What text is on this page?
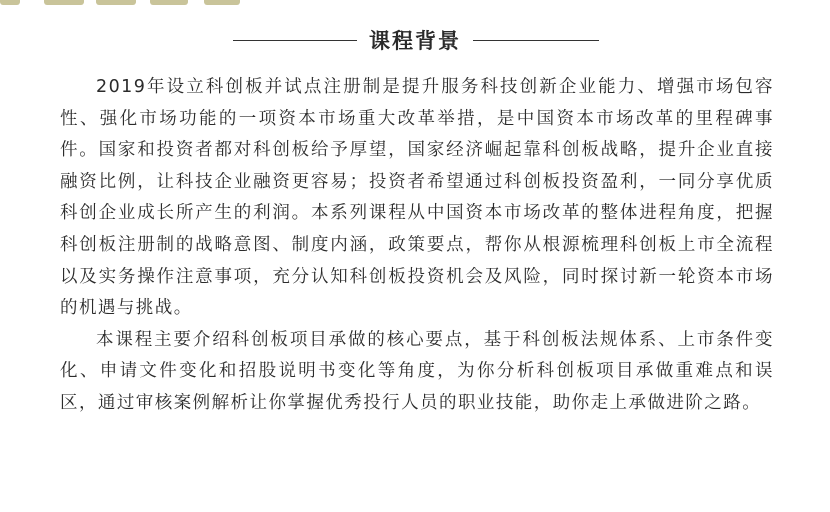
课程背景

2019年设立科创板并试点注册制是提升服务科技创新企业能力、增强市场包容性、强化市场功能的一项资本市场重大改革举措，是中国资本市场改革的里程碑事件。国家和投资者都对科创板给予厚望，国家经济崛起靠科创板战略，提升企业直接融资比例，让科技企业融资更容易；投资者希望通过科创板投资盈利，一同分享优质科创企业成长所产生的利润。本系列课程从中国资本市场改革的整体进程角度，把握科创板注册制的战略意图、制度内涵，政策要点，帮你从根源梳理科创板上市全流程以及实务操作注意事项，充分认知科创板投资机会及风险，同时探讨新一轮资本市场的机遇与挑战。

本课程主要介绍科创板项目承做的核心要点，基于科创板法规体系、上市条件变化、申请文件变化和招股说明书变化等角度，为你分析科创板项目承做重难点和误区，通过审核案例解析让你掌握优秀投行人员的职业技能，助你走上承做进阶之路。
